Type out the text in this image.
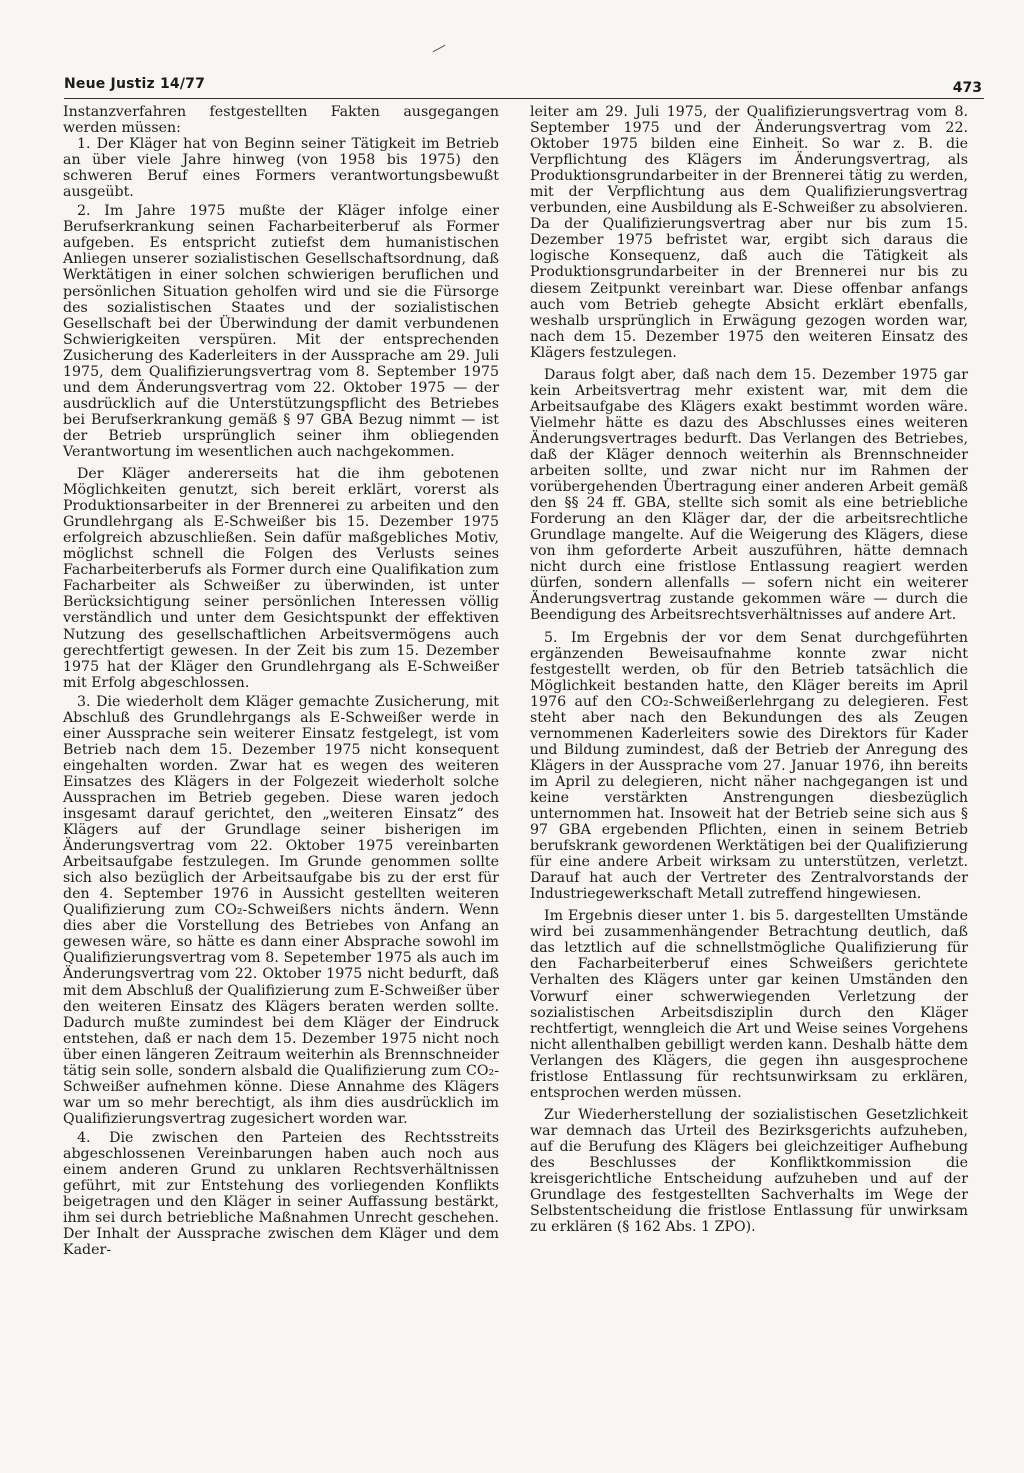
Neue Justiz 14/77	473

Instanzverfahren festgestellten Fakten ausgegangen werden müssen:

1. Der Kläger hat von Beginn seiner Tätigkeit im Betrieb an über viele Jahre hinweg (von 1958 bis 1975) den schweren Beruf eines Formers verantwortungsbewußt ausgeübt.

2. Im Jahre 1975 mußte der Kläger infolge einer Berufserkrankung seinen Facharbeiterberuf als Former aufgeben. Es entspricht zutiefst dem humanistischen Anliegen unserer sozialistischen Gesellschaftsordnung, daß Werktätigen in einer solchen schwierigen beruflichen und persönlichen Situation geholfen wird und sie die Fürsorge des sozialistischen Staates und der sozialistischen Gesellschaft bei der Überwindung der damit verbundenen Schwierigkeiten verspüren. Mit der entsprechenden Zusicherung des Kaderleiters in der Aussprache am 29. Juli 1975, dem Qualifizierungsvertrag vom 8. September 1975 und dem Änderungsvertrag vom 22. Oktober 1975 — der ausdrücklich auf die Unterstützungspflicht des Betriebes bei Berufserkrankung gemäß § 97 GBA Bezug nimmt — ist der Betrieb ursprünglich seiner ihm obliegenden Verantwortung im wesentlichen auch nachgekommen.

Der Kläger andererseits hat die ihm gebotenen Möglichkeiten genutzt, sich bereit erklärt, vorerst als Produktionsarbeiter in der Brennerei zu arbeiten und den Grundlehrgang als E-Schweißer bis 15. Dezember 1975 erfolgreich abzuschließen. Sein dafür maßgebliches Motiv, möglichst schnell die Folgen des Verlusts seines Facharbeiterberufs als Former durch eine Qualifikation zum Facharbeiter als Schweißer zu überwinden, ist unter Berücksichtigung seiner persönlichen Interessen völlig verständlich und unter dem Gesichtspunkt der effektiven Nutzung des gesellschaftlichen Arbeitsvermögens auch gerechtfertigt gewesen. In der Zeit bis zum 15. Dezember 1975 hat der Kläger den Grundlehrgang als E-Schweißer mit Erfolg abgeschlossen.

3. Die wiederholt dem Kläger gemachte Zusicherung, mit Abschluß des Grundlehrgangs als E-Schweißer werde in einer Aussprache sein weiterer Einsatz festgelegt, ist vom Betrieb nach dem 15. Dezember 1975 nicht konsequent eingehalten worden. Zwar hat es wegen des weiteren Einsatzes des Klägers in der Folgezeit wiederholt solche Aussprachen im Betrieb gegeben. Diese waren jedoch insgesamt darauf gerichtet, den „weiteren Einsatz“ des Klägers auf der Grundlage seiner bisherigen im Änderungsvertrag vom 22. Oktober 1975 vereinbarten Arbeitsaufgabe festzulegen. Im Grunde genommen sollte sich also bezüglich der Arbeitsaufgabe bis zu der erst für den 4. September 1976 in Aussicht gestellten weiteren Qualifizierung zum CO₂-Schweißers nichts ändern. Wenn dies aber die Vorstellung des Betriebes von Anfang an gewesen wäre, so hätte es dann einer Absprache sowohl im Qualifizierungsvertrag vom 8. Sepetember 1975 als auch im Änderungsvertrag vom 22. Oktober 1975 nicht bedurft, daß mit dem Abschluß der Qualifizierung zum E-Schweißer über den weiteren Einsatz des Klägers beraten werden sollte. Dadurch mußte zumindest bei dem Kläger der Eindruck entstehen, daß er nach dem 15. Dezember 1975 nicht noch über einen längeren Zeitraum weiterhin als Brennschneider tätig sein solle, sondern alsbald die Qualifizierung zum CO₂-Schweißer aufnehmen könne. Diese Annahme des Klägers war um so mehr berechtigt, als ihm dies ausdrücklich im Qualifizierungsvertrag zugesichert worden war.

4. Die zwischen den Parteien des Rechtsstreits abgeschlossenen Vereinbarungen haben auch noch aus einem anderen Grund zu unklaren Rechtsverhältnissen geführt, mit zur Entstehung des vorliegenden Konflikts beigetragen und den Kläger in seiner Auffassung bestärkt, ihm sei durch betriebliche Maßnahmen Unrecht geschehen. Der Inhalt der Aussprache zwischen dem Kläger und dem Kader-

leiter am 29. Juli 1975, der Qualifizierungsvertrag vom 8. September 1975 und der Änderungsvertrag vom 22. Oktober 1975 bilden eine Einheit. So war z. B. die Verpflichtung des Klägers im Änderungsvertrag, als Produktionsgrundarbeiter in der Brennerei tätig zu werden, mit der Verpflichtung aus dem Qualifizierungsvertrag verbunden, eine Ausbildung als E-Schweißer zu absolvieren. Da der Qualifizierungsvertrag aber nur bis zum 15. Dezember 1975 befristet war, ergibt sich daraus die logische Konsequenz, daß auch die Tätigkeit als Produktionsgrundarbeiter in der Brennerei nur bis zu diesem Zeitpunkt vereinbart war. Diese offenbar anfangs auch vom Betrieb gehegte Absicht erklärt ebenfalls, weshalb ursprünglich in Erwägung gezogen worden war, nach dem 15. Dezember 1975 den weiteren Einsatz des Klägers festzulegen.

Daraus folgt aber, daß nach dem 15. Dezember 1975 gar kein Arbeitsvertrag mehr existent war, mit dem die Arbeitsaufgabe des Klägers exakt bestimmt worden wäre. Vielmehr hätte es dazu des Abschlusses eines weiteren Änderungsvertrages bedurft. Das Verlangen des Betriebes, daß der Kläger dennoch weiterhin als Brennschneider arbeiten sollte, und zwar nicht nur im Rahmen der vorübergehenden Übertragung einer anderen Arbeit gemäß den §§ 24 ff. GBA, stellte sich somit als eine betriebliche Forderung an den Kläger dar, der die arbeitsrechtliche Grundlage mangelte. Auf die Weigerung des Klägers, diese von ihm geforderte Arbeit auszuführen, hätte demnach nicht durch eine fristlose Entlassung reagiert werden dürfen, sondern allenfalls — sofern nicht ein weiterer Änderungsvertrag zustande gekommen wäre — durch die Beendigung des Arbeitsrechtsverhältnisses auf andere Art.

5. Im Ergebnis der vor dem Senat durchgeführten ergänzenden Beweisaufnahme konnte zwar nicht festgestellt werden, ob für den Betrieb tatsächlich die Möglichkeit bestanden hatte, den Kläger bereits im April 1976 auf den CO₂-Schweißerlehrgang zu delegieren. Fest steht aber nach den Bekundungen des als Zeugen vernommenen Kaderleiters sowie des Direktors für Kader und Bildung zumindest, daß der Betrieb der Anregung des Klägers in der Aussprache vom 27. Januar 1976, ihn bereits im April zu delegieren, nicht näher nachgegangen ist und keine verstärkten Anstrengungen diesbezüglich unternommen hat. Insoweit hat der Betrieb seine sich aus § 97 GBA ergebenden Pflichten, einen in seinem Betrieb berufskrank gewordenen Werktätigen bei der Qualifizierung für eine andere Arbeit wirksam zu unterstützen, verletzt. Darauf hat auch der Vertreter des Zentralvorstands der Industriegewerkschaft Metall zutreffend hingewiesen.

Im Ergebnis dieser unter 1. bis 5. dargestellten Umstände wird bei zusammenhängender Betrachtung deutlich, daß das letztlich auf die schnellstmögliche Qualifizierung für den Facharbeiterberuf eines Schweißers gerichtete Verhalten des Klägers unter gar keinen Umständen den Vorwurf einer schwerwiegenden Verletzung der sozialistischen Arbeitsdisziplin durch den Kläger rechtfertigt, wenngleich die Art und Weise seines Vorgehens nicht allenthalben gebilligt werden kann. Deshalb hätte dem Verlangen des Klägers, die gegen ihn ausgesprochene fristlose Entlassung für rechtsunwirksam zu erklären, entsprochen werden müssen.

Zur Wiederherstellung der sozialistischen Gesetzlichkeit war demnach das Urteil des Bezirksgerichts aufzuheben, auf die Berufung des Klägers bei gleichzeitiger Aufhebung des Beschlusses der Konfliktkommission die kreisgerichtliche Entscheidung aufzuheben und auf der Grundlage des festgestellten Sachverhalts im Wege der Selbstentscheidung die fristlose Entlassung für unwirksam zu erklären (§ 162 Abs. 1 ZPO).
